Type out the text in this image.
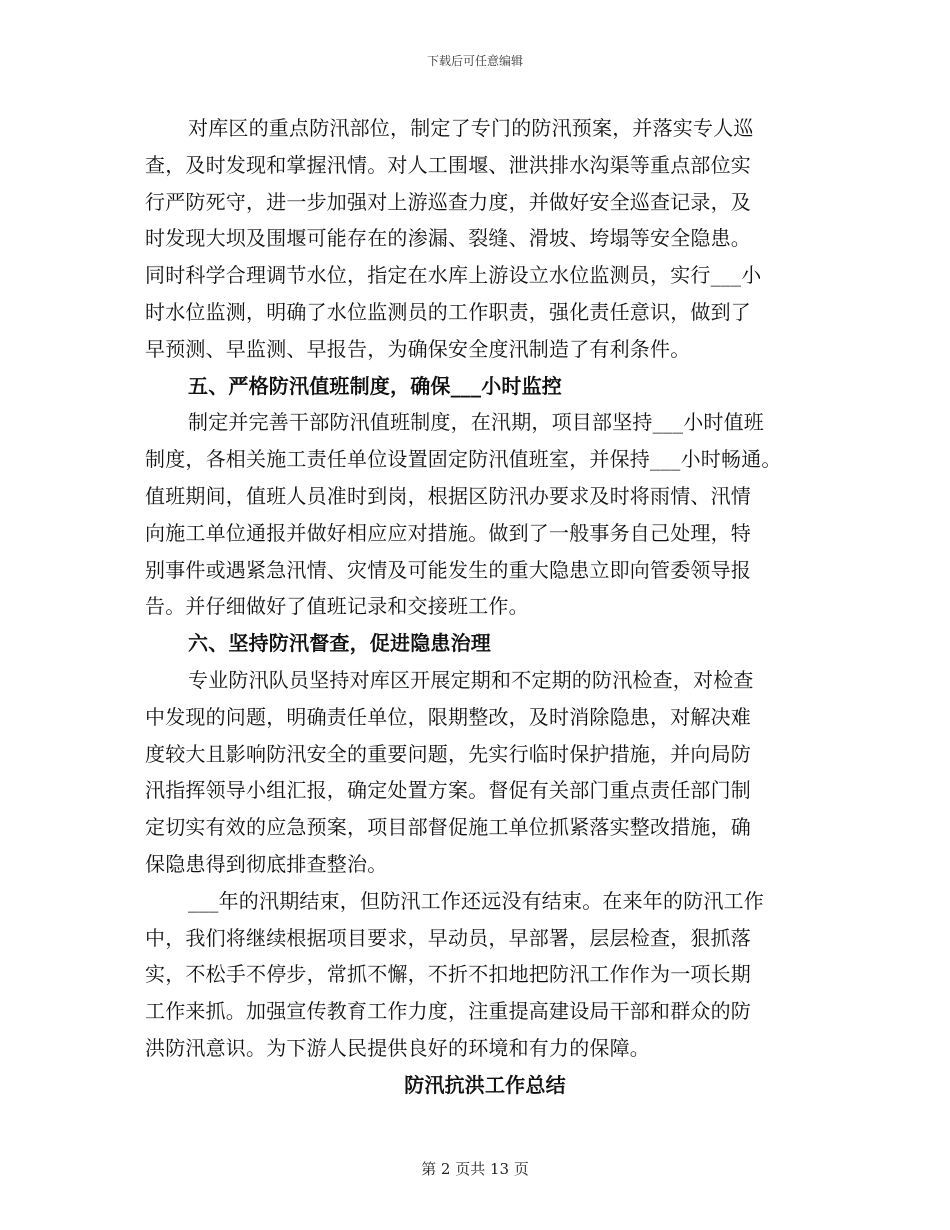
下载后可任意编辑
对库区的重点防汛部位，制定了专门的防汛预案，并落实专人巡
查，及时发现和掌握汛情。对人工围堰、泄洪排水沟渠等重点部位实
行严防死守，进一步加强对上游巡查力度，并做好安全巡查记录，及
时发现大坝及围堰可能存在的渗漏、裂缝、滑坡、垮塌等安全隐患。
同时科学合理调节水位，指定在水库上游设立水位监测员，实行___小
时水位监测，明确了水位监测员的工作职责，强化责任意识，做到了
早预测、早监测、早报告，为确保安全度汛制造了有利条件。
五、严格防汛值班制度，确保___小时监控
制定并完善干部防汛值班制度，在汛期，项目部坚持___小时值班
制度，各相关施工责任单位设置固定防汛值班室，并保持___小时畅通。
值班期间，值班人员准时到岗，根据区防汛办要求及时将雨情、汛情
向施工单位通报并做好相应应对措施。做到了一般事务自己处理，特
别事件或遇紧急汛情、灾情及可能发生的重大隐患立即向管委领导报
告。并仔细做好了值班记录和交接班工作。
六、坚持防汛督查，促进隐患治理
专业防汛队员坚持对库区开展定期和不定期的防汛检查，对检查
中发现的问题，明确责任单位，限期整改，及时消除隐患，对解决难
度较大且影响防汛安全的重要问题，先实行临时保护措施，并向局防
汛指挥领导小组汇报，确定处置方案。督促有关部门重点责任部门制
定切实有效的应急预案，项目部督促施工单位抓紧落实整改措施，确
保隐患得到彻底排查整治。
___年的汛期结束，但防汛工作还远没有结束。在来年的防汛工作
中，我们将继续根据项目要求，早动员，早部署，层层检查，狠抓落
实，不松手不停步，常抓不懈，不折不扣地把防汛工作作为一项长期
工作来抓。加强宣传教育工作力度，注重提高建设局干部和群众的防
洪防汛意识。为下游人民提供良好的环境和有力的保障。
防汛抗洪工作总结
第 2 页共 13 页
